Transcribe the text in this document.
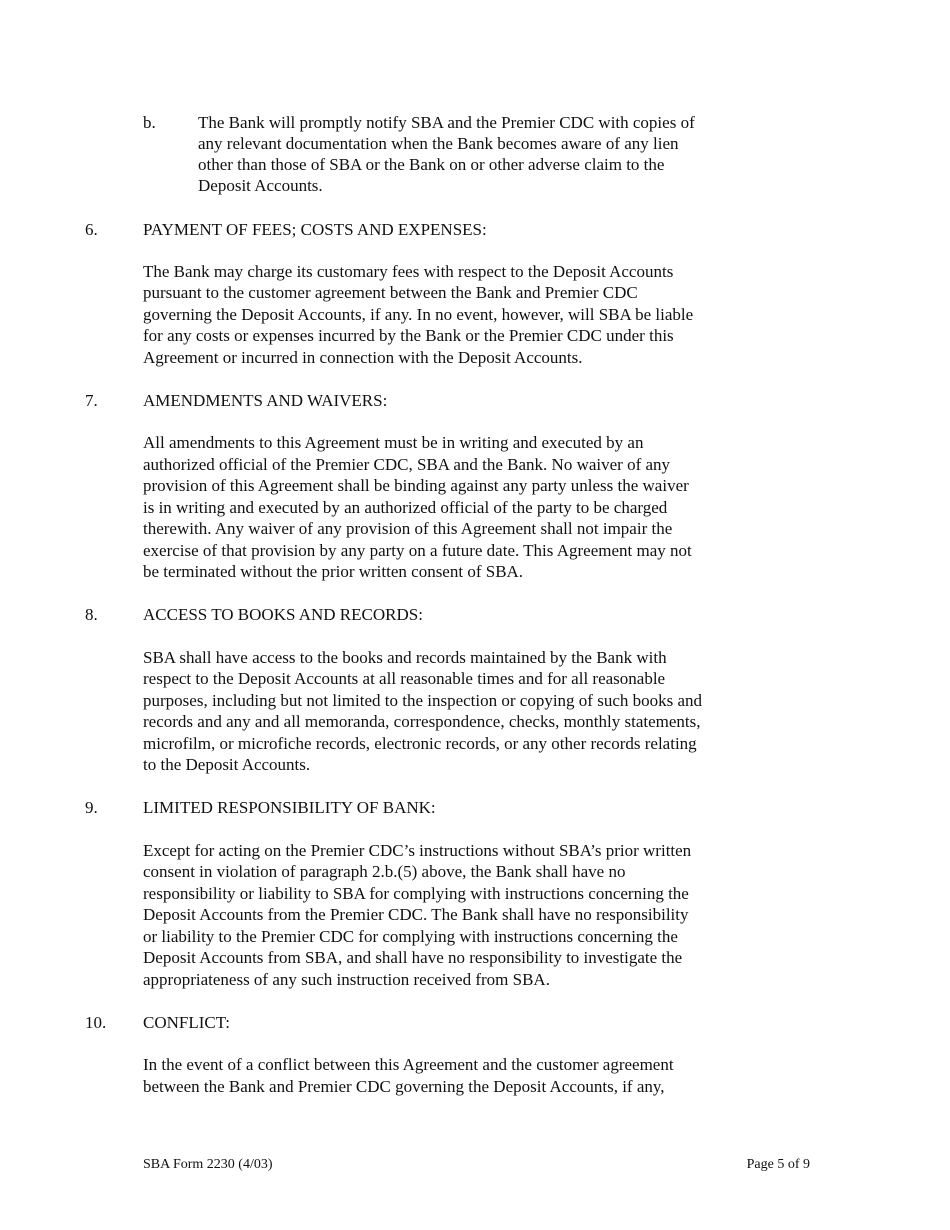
b. The Bank will promptly notify SBA and the Premier CDC with copies of
any relevant documentation when the Bank becomes aware of any lien
other than those of SBA or the Bank on or other adverse claim to the
Deposit Accounts.
6.	PAYMENT OF FEES; COSTS AND EXPENSES:
The Bank may charge its customary fees with respect to the Deposit Accounts
pursuant to the customer agreement between the Bank and Premier CDC
governing the Deposit Accounts, if any. In no event, however, will SBA be liable
for any costs or expenses incurred by the Bank or the Premier CDC under this
Agreement or incurred in connection with the Deposit Accounts.
7.	AMENDMENTS AND WAIVERS:
All amendments to this Agreement must be in writing and executed by an
authorized official of the Premier CDC, SBA and the Bank. No waiver of any
provision of this Agreement shall be binding against any party unless the waiver
is in writing and executed by an authorized official of the party to be charged
therewith. Any waiver of any provision of this Agreement shall not impair the
exercise of that provision by any party on a future date. This Agreement may not
be terminated without the prior written consent of SBA.
8.	ACCESS TO BOOKS AND RECORDS:
SBA shall have access to the books and records maintained by the Bank with
respect to the Deposit Accounts at all reasonable times and for all reasonable
purposes, including but not limited to the inspection or copying of such books and
records and any and all memoranda, correspondence, checks, monthly statements,
microfilm, or microfiche records, electronic records, or any other records relating
to the Deposit Accounts.
9.	LIMITED RESPONSIBILITY OF BANK:
Except for acting on the Premier CDC’s instructions without SBA’s prior written
consent in violation of paragraph 2.b.(5) above, the Bank shall have no
responsibility or liability to SBA for complying with instructions concerning the
Deposit Accounts from the Premier CDC. The Bank shall have no responsibility
or liability to the Premier CDC for complying with instructions concerning the
Deposit Accounts from SBA, and shall have no responsibility to investigate the
appropriateness of any such instruction received from SBA.
10. CONFLICT:
In the event of a conflict between this Agreement and the customer agreement
between the Bank and Premier CDC governing the Deposit Accounts, if any,
SBA Form 2230 (4/03)	Page 5 of 9
